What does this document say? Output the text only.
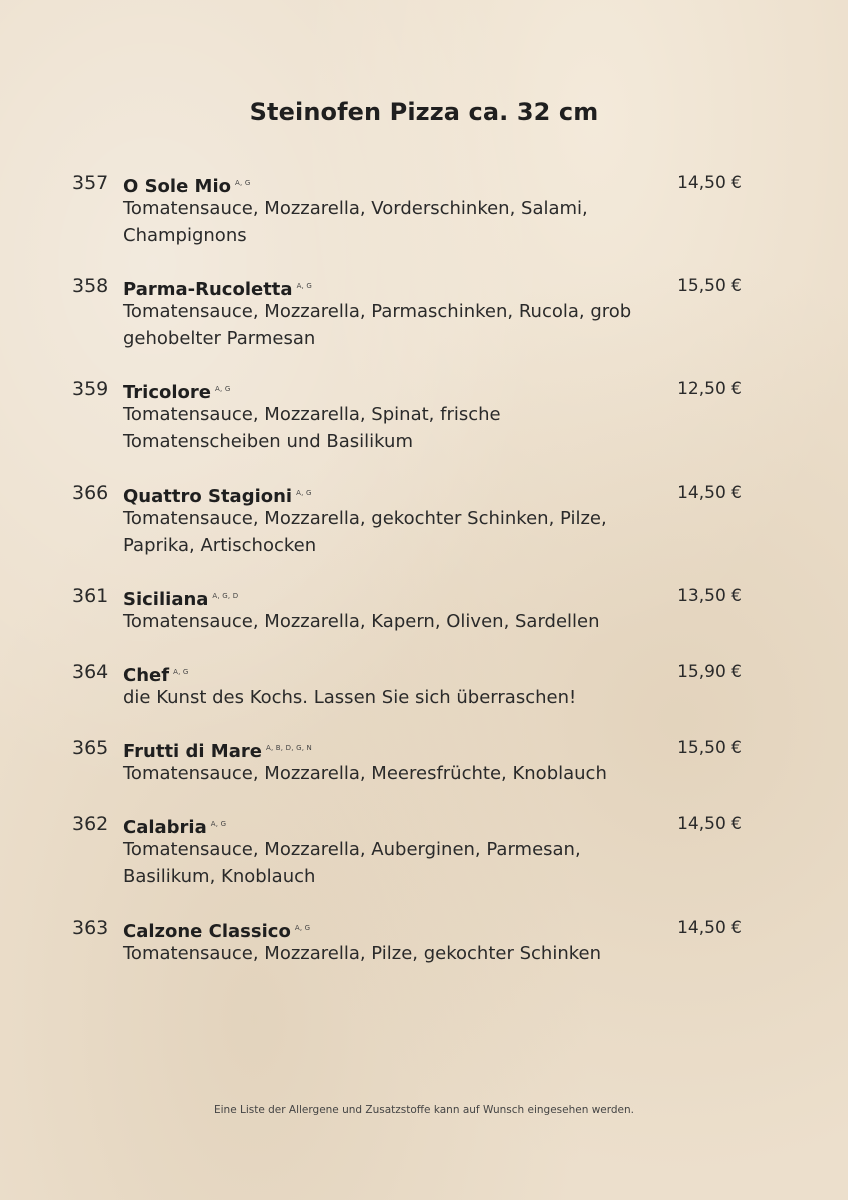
Steinofen Pizza ca. 32 cm
357 O Sole Mio $^{A, G}$	14,50 €
Tomatensauce, Mozzarella, Vorderschinken, Salami, Champignons
358 Parma-Rucoletta $^{A, G}$	15,50 €
Tomatensauce, Mozzarella, Parmaschinken, Rucola, grob gehobelter Parmesan
359 Tricolore $^{A, G}$	12,50 €
Tomatensauce, Mozzarella, Spinat, frische Tomatenscheiben und Basilikum
366 Quattro Stagioni $^{A, G}$	14,50 €
Tomatensauce, Mozzarella, gekochter Schinken, Pilze, Paprika, Artischocken
361 Siciliana $^{A, G, D}$	13,50 €
Tomatensauce, Mozzarella, Kapern, Oliven, Sardellen
364 Chef $^{A, G}$	15,90 €
die Kunst des Kochs. Lassen Sie sich überraschen!
365 Frutti di Mare $^{A, B, D, G, N}$	15,50 €
Tomatensauce, Mozzarella, Meeresfrüchte, Knoblauch
362 Calabria $^{A, G}$	14,50 €
Tomatensauce, Mozzarella, Auberginen, Parmesan, Basilikum, Knoblauch
363 Calzone Classico $^{A, G}$	14,50 €
Tomatensauce, Mozzarella, Pilze, gekochter Schinken
Eine Liste der Allergene und Zusatzstoffe kann auf Wunsch eingesehen werden.
